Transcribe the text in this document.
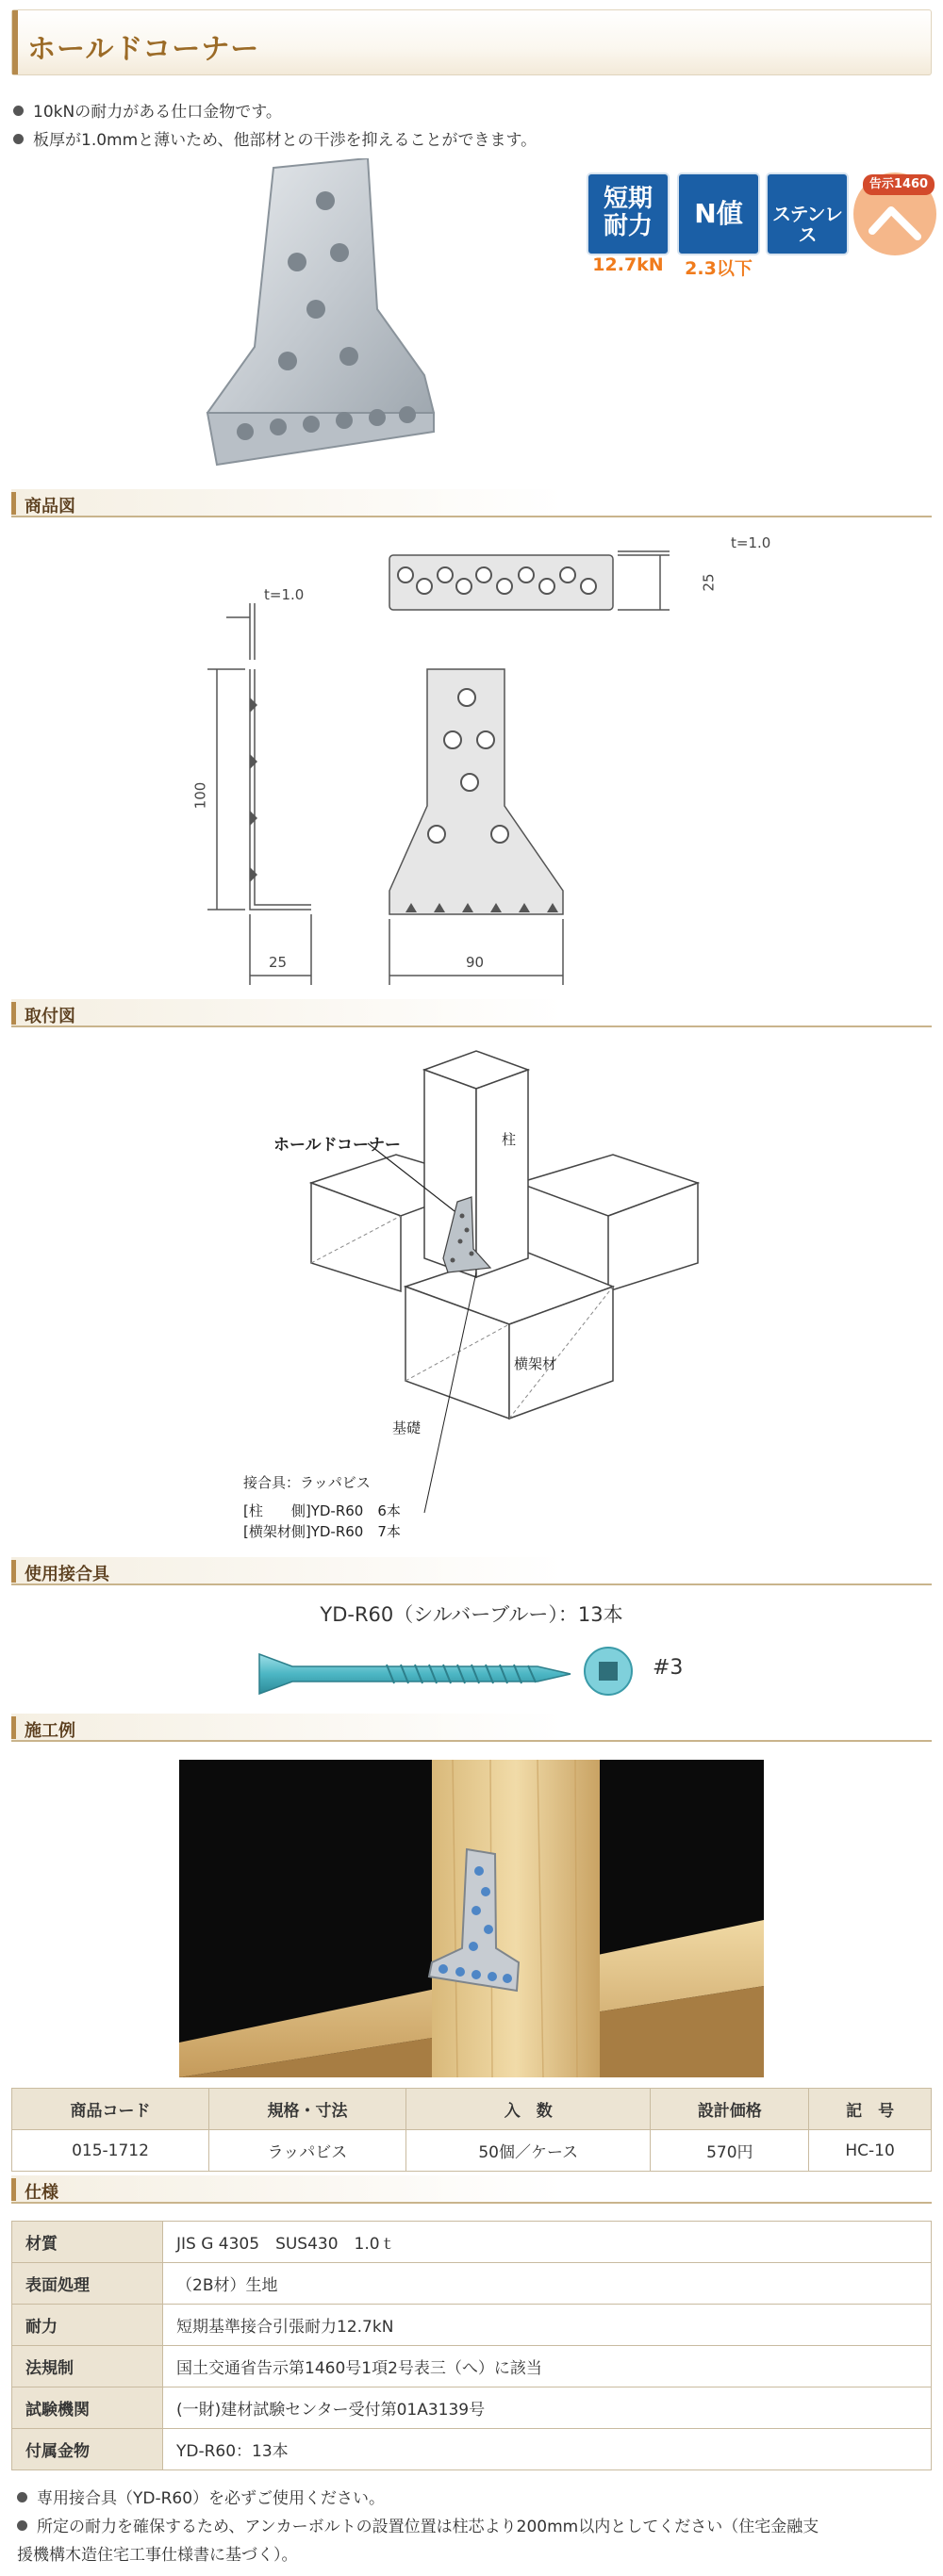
ホールドコーナー
10kNの耐力がある仕口金物です。
板厚が1.0mmと薄いため、他部材との干渉を抑えることができます。
短期
耐力
12.7kN
N値
2.3以下
ステンレス
告示1460
商品図
t=1.0
100
25
t=1.0
25
90
取付図
ホールドコーナー	柱
横架材
基礎
接合具：ラッパビス
[柱　　側]YD-R60　6本
[横架材側]YD-R60　7本
使用接合具
YD-R60（シルバーブルー）：13本
#3
施工例
商品コード	規格・寸法	入　数	設計価格	記　号
015-1712	ラッパビス	50個／ケース	570円	HC-10
仕様
材質	JIS G 4305　SUS430　1.0ｔ
表面処理	（2B材）生地
耐力	短期基準接合引張耐力12.7kN
法規制	国土交通省告示第1460号1項2号表三（へ）に該当
試験機関	(一財)建材試験センター受付第01A3139号
付属金物	YD-R60：13本
専用接合具（YD-R60）を必ずご使用ください。
所定の耐力を確保するため、アンカーボルトの設置位置は柱芯より200mm以内としてください（住宅金融支
援機構木造住宅工事仕様書に基づく）。
